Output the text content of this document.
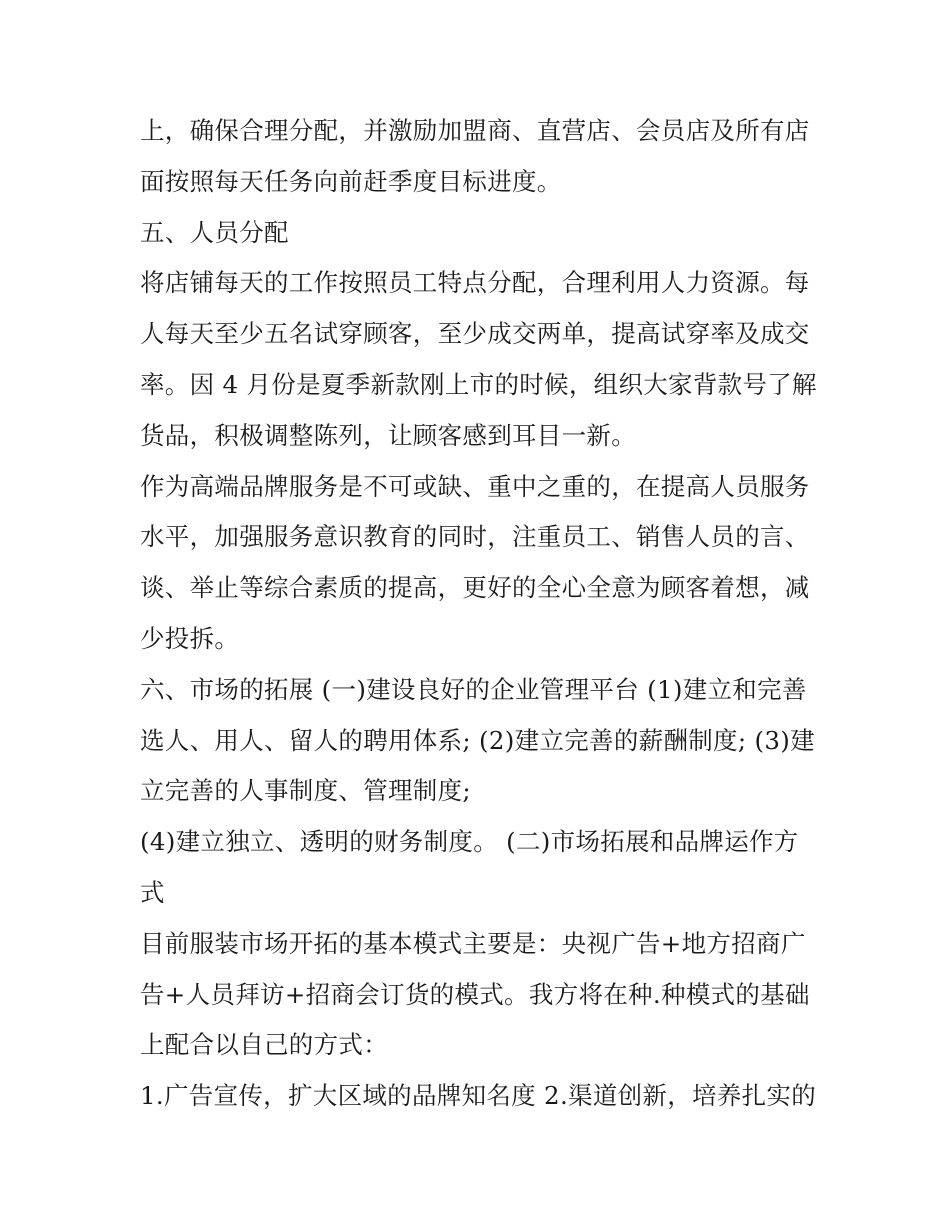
上，确保合理分配，并激励加盟商、直营店、会员店及所有店
面按照每天任务向前赶季度目标进度。
五、人员分配
将店铺每天的工作按照员工特点分配，合理利用人力资源。每
人每天至少五名试穿顾客，至少成交两单，提高试穿率及成交
率。因 4 月份是夏季新款刚上市的时候，组织大家背款号了解
货品，积极调整陈列，让顾客感到耳目一新。
作为高端品牌服务是不可或缺、重中之重的，在提高人员服务
水平，加强服务意识教育的同时，注重员工、销售人员的言、
谈、举止等综合素质的提高，更好的全心全意为顾客着想，减
少投拆。
六、市场的拓展 (一)建设良好的企业管理平台 (1)建立和完善
选人、用人、留人的聘用体系; (2)建立完善的薪酬制度; (3)建
立完善的人事制度、管理制度;
(4)建立独立、透明的财务制度。 (二)市场拓展和品牌运作方
式
目前服装市场开拓的基本模式主要是：央视广告+地方招商广
告+人员拜访+招商会订货的模式。我方将在种.种模式的基础
上配合以自己的方式：
1.广告宣传，扩大区域的品牌知名度 2.渠道创新，培养扎实的
